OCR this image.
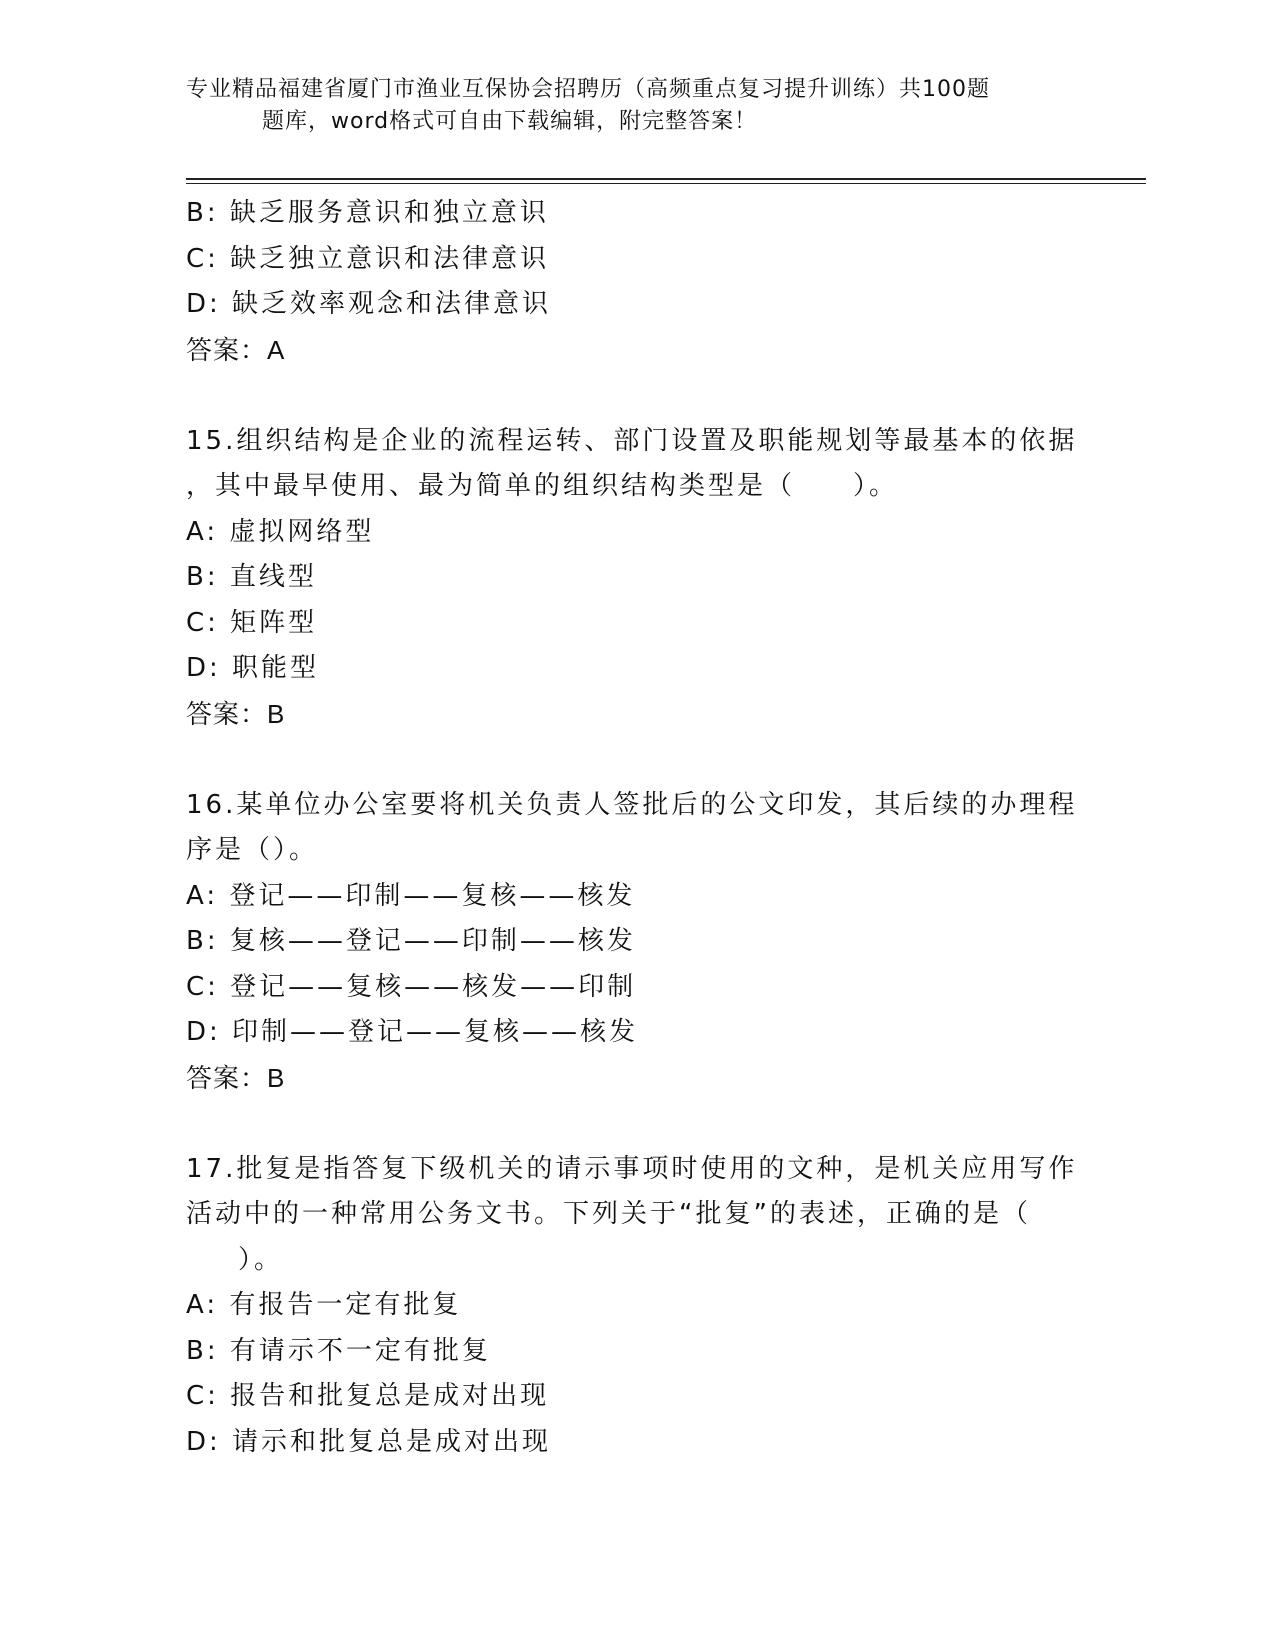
专业精品福建省厦门市渔业互保协会招聘历（高频重点复习提升训练）共100题
题库，word格式可自由下载编辑，附完整答案！
B: 缺乏服务意识和独立意识
C: 缺乏独立意识和法律意识
D: 缺乏效率观念和法律意识
答案：A
15.组织结构是企业的流程运转、部门设置及职能规划等最基本的依据
，其中最早使用、最为简单的组织结构类型是（　　）。
A: 虚拟网络型
B: 直线型
C: 矩阵型
D: 职能型
答案：B
16.某单位办公室要将机关负责人签批后的公文印发，其后续的办理程
序是（）。
A: 登记——印制——复核——核发
B: 复核——登记——印制——核发
C: 登记——复核——核发——印制
D: 印制——登记——复核——核发
答案：B
17.批复是指答复下级机关的请示事项时使用的文种，是机关应用写作
活动中的一种常用公务文书。下列关于“批复”的表述，正确的是（
）。
A: 有报告一定有批复
B: 有请示不一定有批复
C: 报告和批复总是成对出现
D: 请示和批复总是成对出现
